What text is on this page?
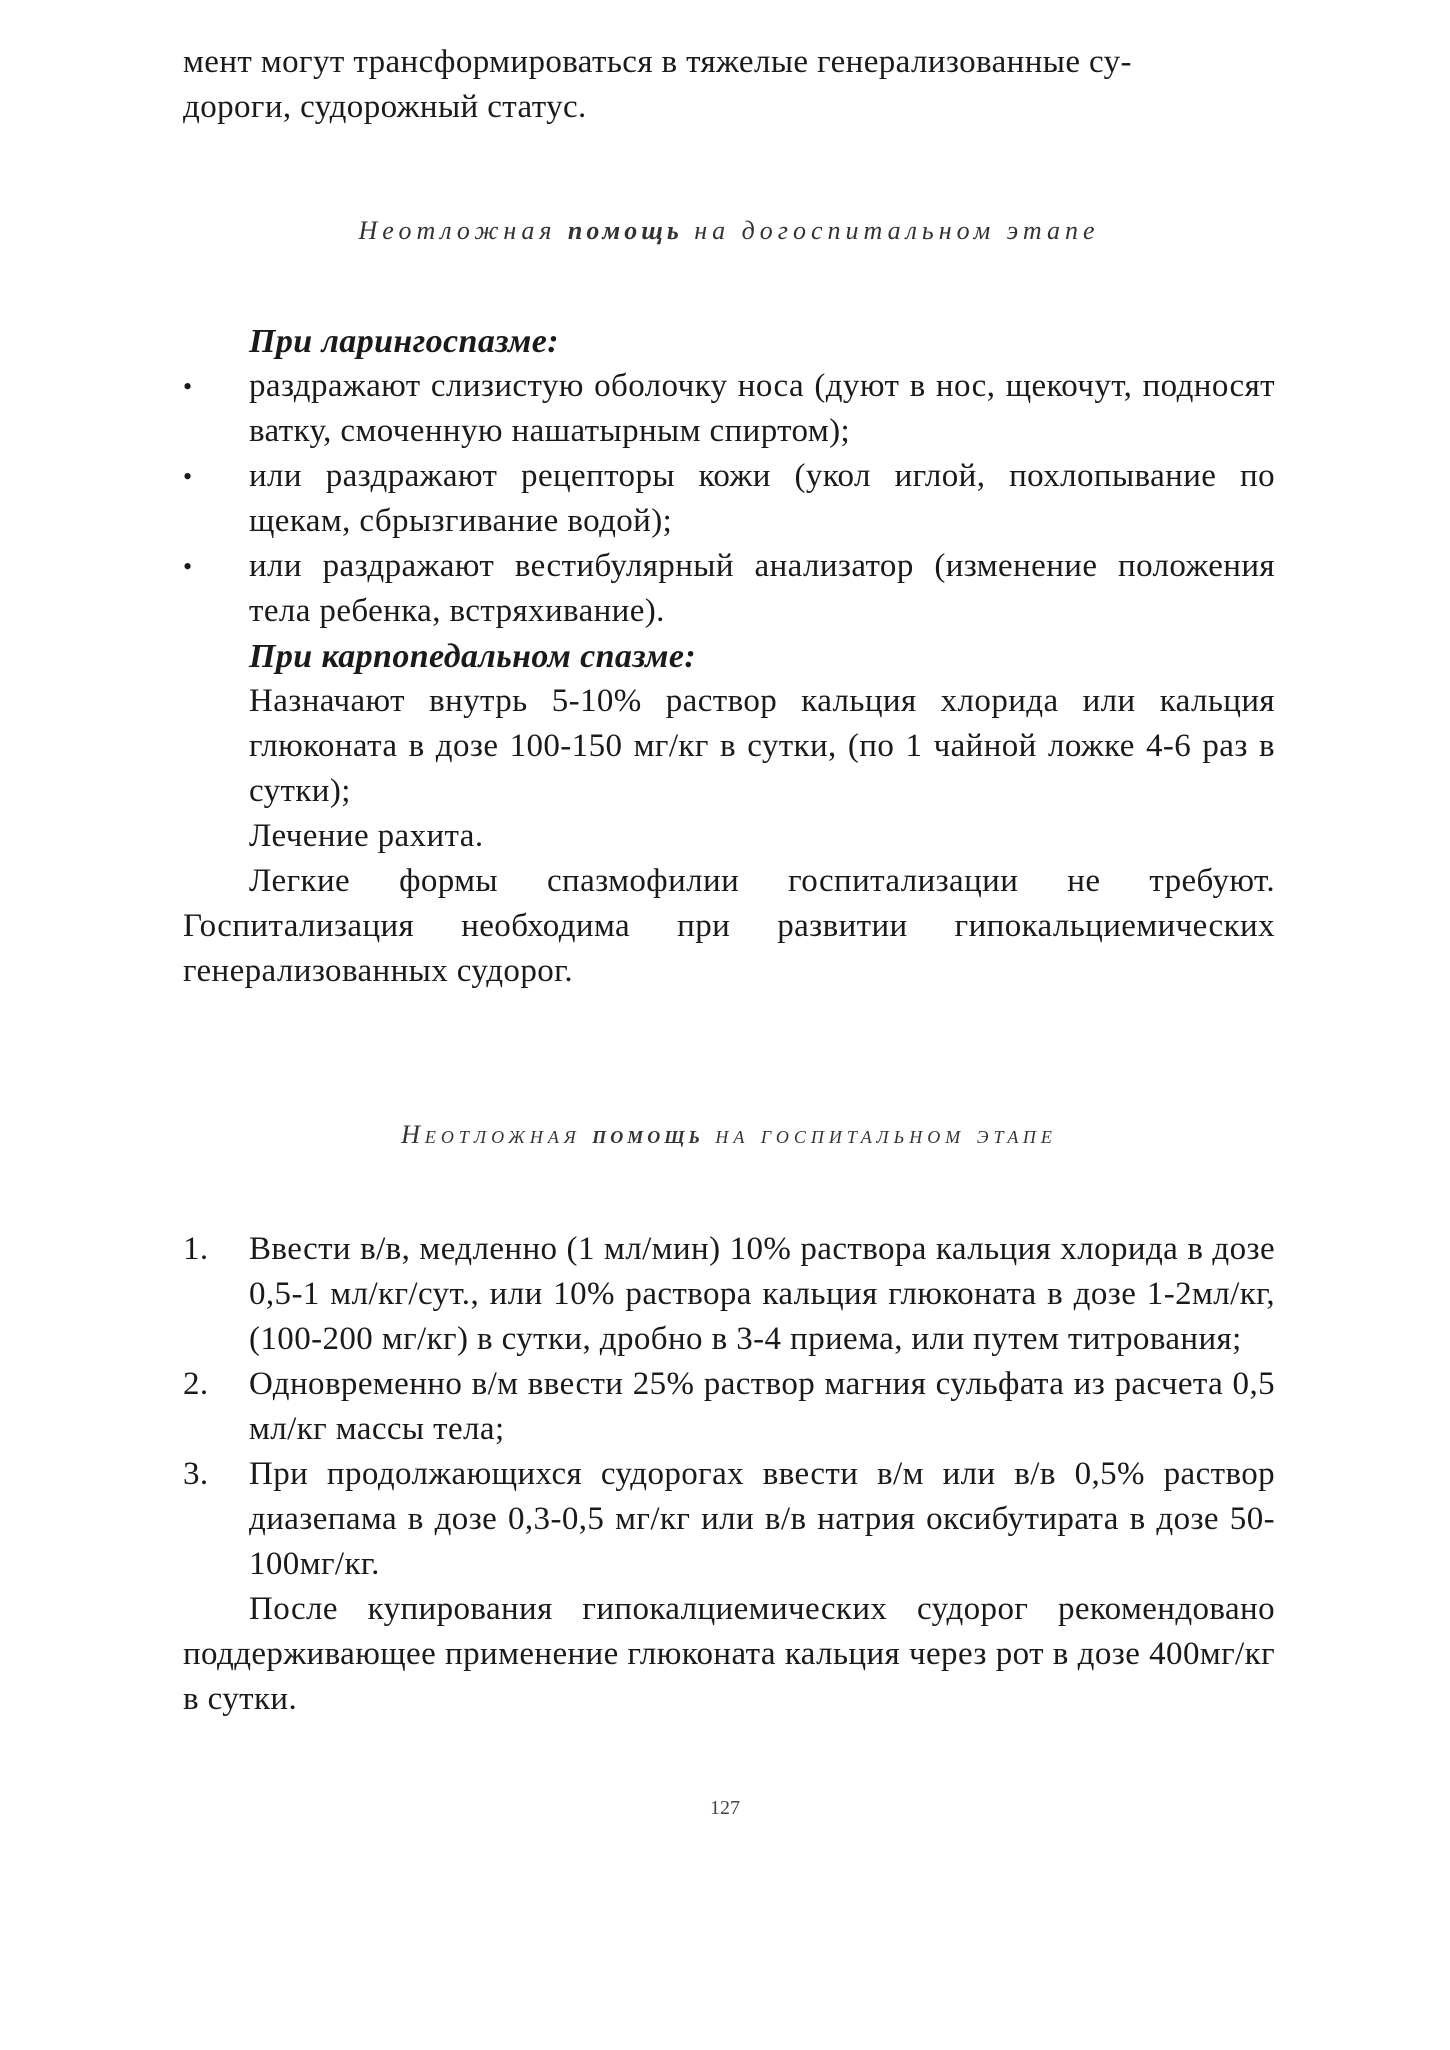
мент могут трансформироваться в тяжелые генерализованные су-
дороги, судорожный статус.

Неотложная помощь на догоспитальном этапе

При ларингоспазме:

•	раздражают слизистую оболочку носа (дуют в нос, щекочут, подносят ватку, смоченную нашатырным спиртом);
•	или раздражают рецепторы кожи (укол иглой, похлопывание по щекам, сбрызгивание водой);
•	или раздражают вестибулярный анализатор (изменение положения тела ребенка, встряхивание).

При карпопедальном спазме:

Назначают внутрь 5-10% раствор кальция хлорида или кальция глюконата в дозе 100-150 мг/кг в сутки, (по 1 чайной ложке 4-6 раз в сутки);

Лечение рахита.

Легкие формы спазмофилии госпитализации не требуют. Госпитализация необходима при развитии гипокальциемических генерализованных судорог.

Неотложная помощь на госпитальном этапе

1.	Ввести в/в, медленно (1 мл/мин) 10% раствора кальция хлорида в дозе 0,5-1 мл/кг/сут., или 10% раствора кальция глюконата в дозе 1-2мл/кг, (100-200 мг/кг) в сутки, дробно в 3-4 приема, или путем титрования;
2.	Одновременно в/м ввести 25% раствор магния сульфата из расчета 0,5 мл/кг массы тела;
3.	При продолжающихся судорогах ввести в/м или в/в 0,5% раствор диазепама в дозе 0,3-0,5 мг/кг или в/в натрия оксибутирата в дозе 50-100мг/кг.

После купирования гипокалциемических судорог рекомендовано поддерживающее применение глюконата кальция через рот в дозе 400мг/кг в сутки.

127
